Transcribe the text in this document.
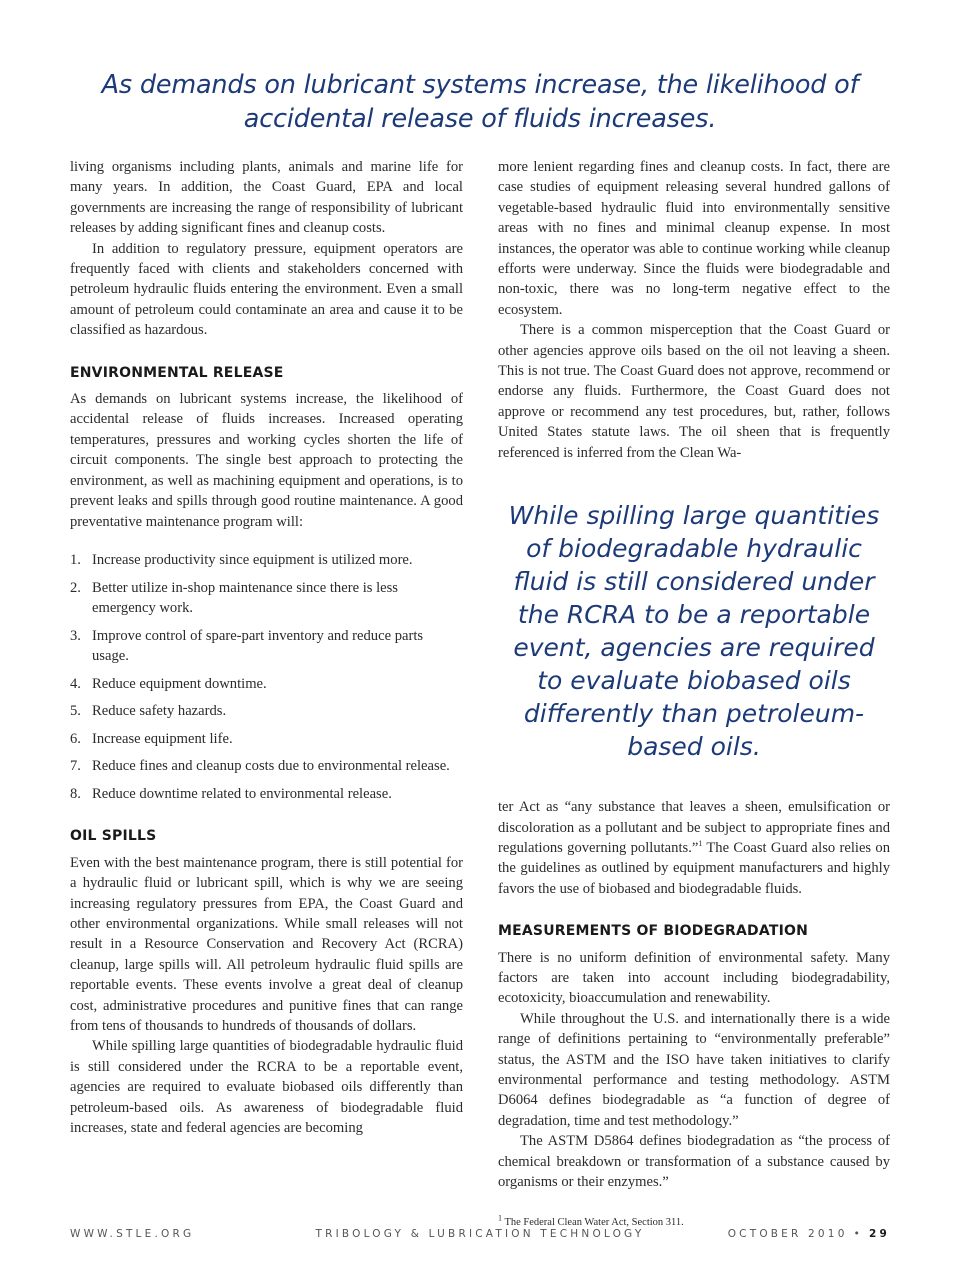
As demands on lubricant systems increase, the likelihood of accidental release of fluids increases.

living organisms including plants, animals and marine life for many years. In addition, the Coast Guard, EPA and local governments are increasing the range of responsibility of lubricant releases by adding significant fines and cleanup costs.

In addition to regulatory pressure, equipment operators are frequently faced with clients and stakeholders concerned with petroleum hydraulic fluids entering the environment. Even a small amount of petroleum could contaminate an area and cause it to be classified as hazardous.

ENVIRONMENTAL RELEASE

As demands on lubricant systems increase, the likelihood of accidental release of fluids increases. Increased operating temperatures, pressures and working cycles shorten the life of circuit components. The single best approach to protecting the environment, as well as machining equipment and operations, is to prevent leaks and spills through good routine maintenance. A good preventative maintenance program will:

1. Increase productivity since equipment is utilized more.
2. Better utilize in-shop maintenance since there is less emergency work.
3. Improve control of spare-part inventory and reduce parts usage.
4. Reduce equipment downtime.
5. Reduce safety hazards.
6. Increase equipment life.
7. Reduce fines and cleanup costs due to environmental release.
8. Reduce downtime related to environmental release.
OIL SPILLS

Even with the best maintenance program, there is still potential for a hydraulic fluid or lubricant spill, which is why we are seeing increasing regulatory pressures from EPA, the Coast Guard and other environmental organizations. While small releases will not result in a Resource Conservation and Recovery Act (RCRA) cleanup, large spills will. All petroleum hydraulic fluid spills are reportable events. These events involve a great deal of cleanup cost, administrative procedures and punitive fines that can range from tens of thousands to hundreds of thousands of dollars.

While spilling large quantities of biodegradable hydraulic fluid is still considered under the RCRA to be a reportable event, agencies are required to evaluate biobased oils differently than petroleum-based oils. As awareness of biodegradable fluid increases, state and federal agencies are becoming

more lenient regarding fines and cleanup costs. In fact, there are case studies of equipment releasing several hundred gallons of vegetable-based hydraulic fluid into environmentally sensitive areas with no fines and minimal cleanup expense. In most instances, the operator was able to continue working while cleanup efforts were underway. Since the fluids were biodegradable and non-toxic, there was no long-term negative effect to the ecosystem.

There is a common misperception that the Coast Guard or other agencies approve oils based on the oil not leaving a sheen. This is not true. The Coast Guard does not approve, recommend or endorse any fluids. Furthermore, the Coast Guard does not approve or recommend any test procedures, but, rather, follows United States statute laws. The oil sheen that is frequently referenced is inferred from the Clean Wa-

While spilling large quantities of biodegradable hydraulic fluid is still considered under the RCRA to be a reportable event, agencies are required to evaluate biobased oils differently than petroleum-based oils.

ter Act as “any substance that leaves a sheen, emulsification or discoloration as a pollutant and be subject to appropriate fines and regulations governing pollutants.”$^1$ The Coast Guard also relies on the guidelines as outlined by equipment manufacturers and highly favors the use of biobased and biodegradable fluids.

MEASUREMENTS OF BIODEGRADATION

There is no uniform definition of environmental safety. Many factors are taken into account including biodegradability, ecotoxicity, bioaccumulation and renewability.

While throughout the U.S. and internationally there is a wide range of definitions pertaining to “environmentally preferable” status, the ASTM and the ISO have taken initiatives to clarify environmental performance and testing methodology. ASTM D6064 defines biodegradable as “a function of degree of degradation, time and test methodology.”

The ASTM D5864 defines biodegradation as “the process of chemical breakdown or transformation of a substance caused by organisms or their enzymes.”

$^1$ The Federal Clean Water Act, Section 311.

WWW.STLE.ORG	TRIBOLOGY & LUBRICATION TECHNOLOGY	OCTOBER 2010 • 29
